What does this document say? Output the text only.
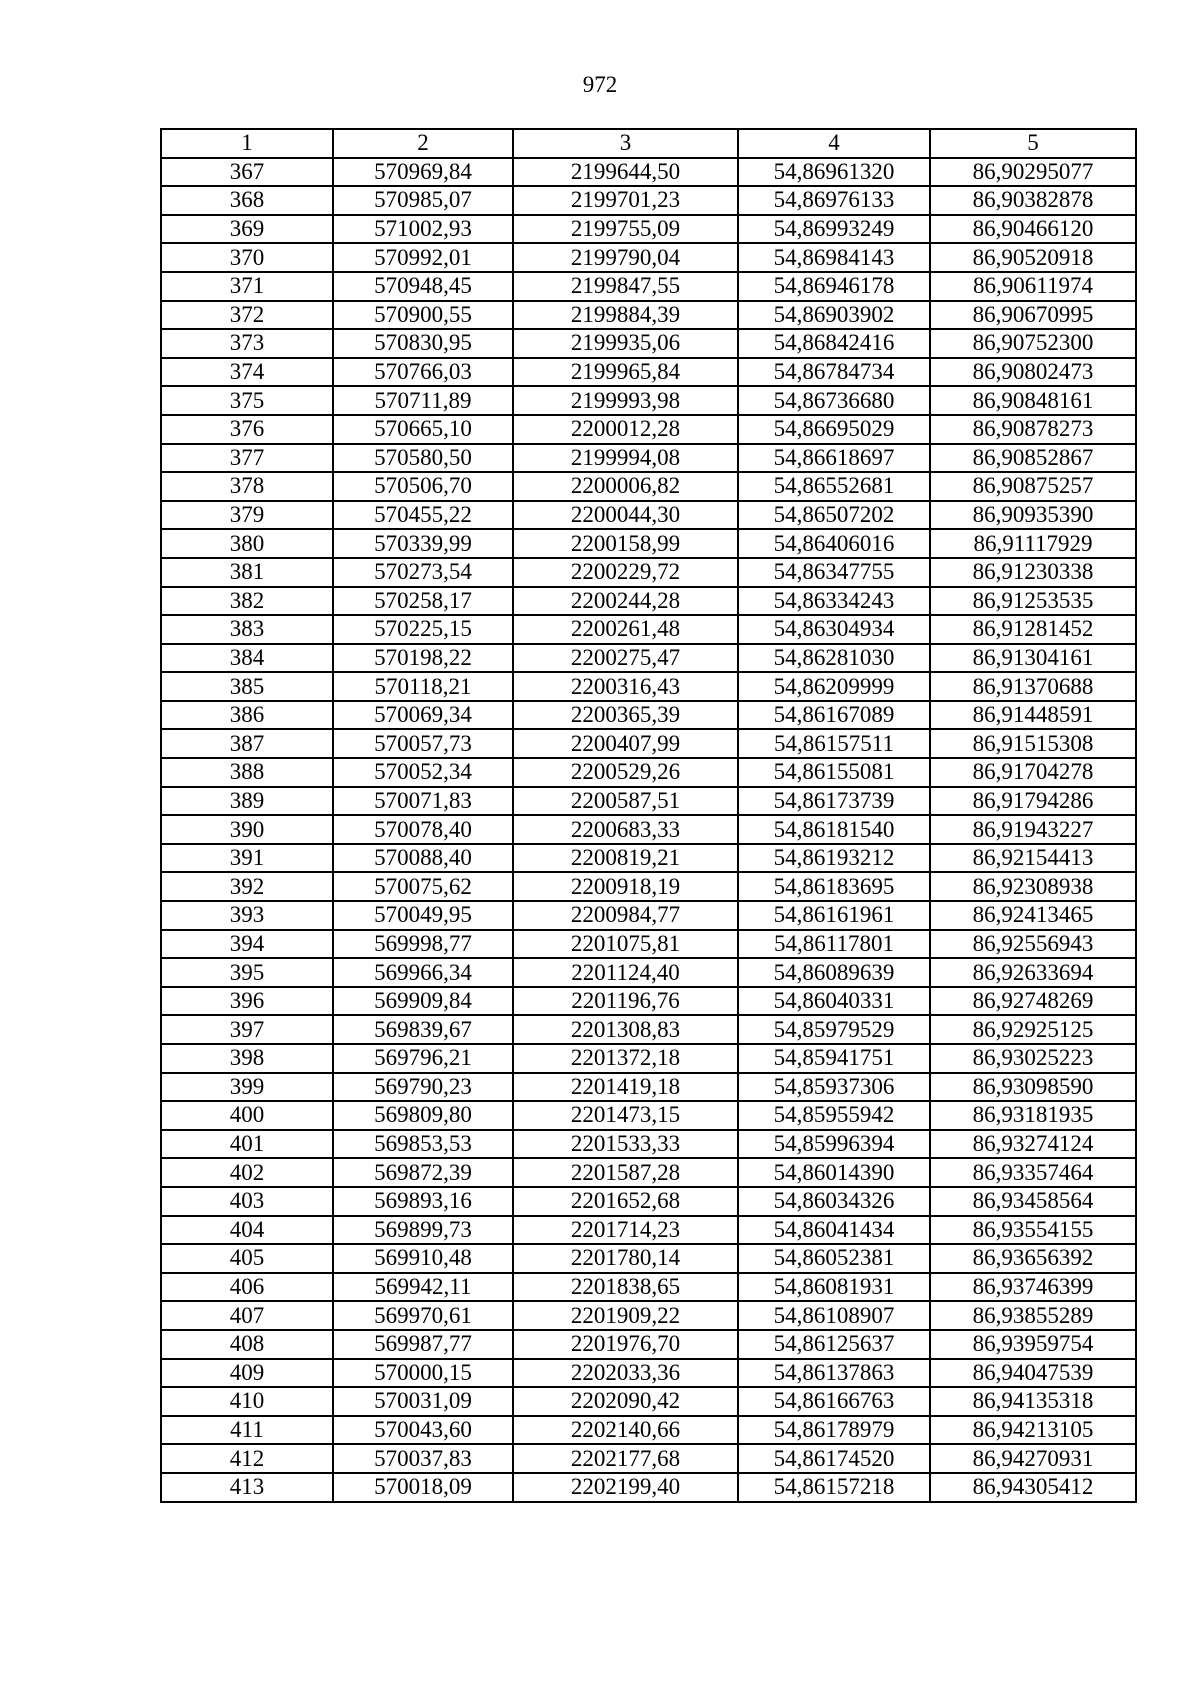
972
1	2	3	4	5
367	570969,84	2199644,50	54,86961320	86,90295077
368	570985,07	2199701,23	54,86976133	86,90382878
369	571002,93	2199755,09	54,86993249	86,90466120
370	570992,01	2199790,04	54,86984143	86,90520918
371	570948,45	2199847,55	54,86946178	86,90611974
372	570900,55	2199884,39	54,86903902	86,90670995
373	570830,95	2199935,06	54,86842416	86,90752300
374	570766,03	2199965,84	54,86784734	86,90802473
375	570711,89	2199993,98	54,86736680	86,90848161
376	570665,10	2200012,28	54,86695029	86,90878273
377	570580,50	2199994,08	54,86618697	86,90852867
378	570506,70	2200006,82	54,86552681	86,90875257
379	570455,22	2200044,30	54,86507202	86,90935390
380	570339,99	2200158,99	54,86406016	86,91117929
381	570273,54	2200229,72	54,86347755	86,91230338
382	570258,17	2200244,28	54,86334243	86,91253535
383	570225,15	2200261,48	54,86304934	86,91281452
384	570198,22	2200275,47	54,86281030	86,91304161
385	570118,21	2200316,43	54,86209999	86,91370688
386	570069,34	2200365,39	54,86167089	86,91448591
387	570057,73	2200407,99	54,86157511	86,91515308
388	570052,34	2200529,26	54,86155081	86,91704278
389	570071,83	2200587,51	54,86173739	86,91794286
390	570078,40	2200683,33	54,86181540	86,91943227
391	570088,40	2200819,21	54,86193212	86,92154413
392	570075,62	2200918,19	54,86183695	86,92308938
393	570049,95	2200984,77	54,86161961	86,92413465
394	569998,77	2201075,81	54,86117801	86,92556943
395	569966,34	2201124,40	54,86089639	86,92633694
396	569909,84	2201196,76	54,86040331	86,92748269
397	569839,67	2201308,83	54,85979529	86,92925125
398	569796,21	2201372,18	54,85941751	86,93025223
399	569790,23	2201419,18	54,85937306	86,93098590
400	569809,80	2201473,15	54,85955942	86,93181935
401	569853,53	2201533,33	54,85996394	86,93274124
402	569872,39	2201587,28	54,86014390	86,93357464
403	569893,16	2201652,68	54,86034326	86,93458564
404	569899,73	2201714,23	54,86041434	86,93554155
405	569910,48	2201780,14	54,86052381	86,93656392
406	569942,11	2201838,65	54,86081931	86,93746399
407	569970,61	2201909,22	54,86108907	86,93855289
408	569987,77	2201976,70	54,86125637	86,93959754
409	570000,15	2202033,36	54,86137863	86,94047539
410	570031,09	2202090,42	54,86166763	86,94135318
411	570043,60	2202140,66	54,86178979	86,94213105
412	570037,83	2202177,68	54,86174520	86,94270931
413	570018,09	2202199,40	54,86157218	86,94305412
